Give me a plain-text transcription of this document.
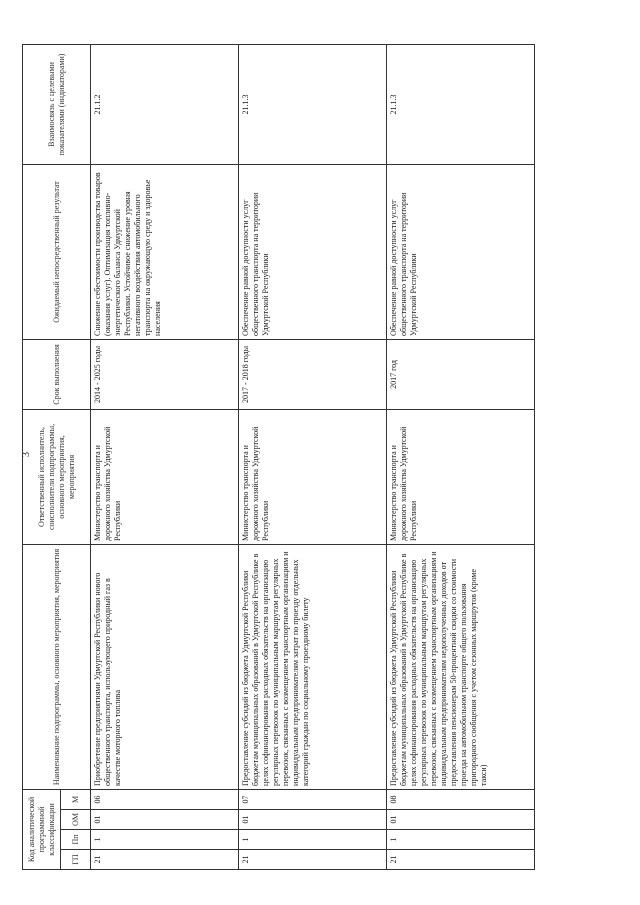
3
Код аналитической программной классификации				Наименование подпрограммы, основного мероприятия, мероприятия	Ответственный исполнитель, соисполнители подпрограммы, основного мероприятия, мероприятия	Срок выполнения	Ожидаемый непосредственный результат	Взаимосвязь с целевыми показателями (индикаторами)
ГП	Пп	ОМ	М					
21	1	01	06	Приобретение предприятиями Удмуртской Республики нового общественного транспорта, использующего природный газ в качестве моторного топлива	Министерство транспорта и дорожного хозяйства Удмуртской Республики	2014 - 2025 годы	Снижение себестоимости производства товаров (оказания услуг). Оптимизация топливно-энергетического баланса Удмуртской Республики. Устойчивое снижение уровня негативного воздействия автомобильного транспорта на окружающую среду и здоровье населения	21.1.2
21	1	01	07	Предоставление субсидий из бюджета Удмуртской Республики бюджетам муниципальных образований в Удмуртской Республике в целях софинансирования расходных обязательств на организацию регулярных перевозок по муниципальным маршрутам регулярных перевозок, связанных с возмещением транспортным организациям и индивидуальным предпринимателям затрат по проезду отдельных категорий граждан по социальному проездному билету	Министерство транспорта и дорожного хозяйства Удмуртской Республики	2017 - 2018 годы	Обеспечение равной доступности услуг общественного транспорта на территории Удмуртской Республики	21.1.3
21	1	01	08	Предоставление субсидий из бюджета Удмуртской Республики бюджетам муниципальных образований в Удмуртской Республике в целях софинансирования расходных обязательств на организацию регулярных перевозок по муниципальным маршрутам регулярных перевозок, связанных с возмещением транспортным организациям и индивидуальным предпринимателям недополученных доходов от предоставления пенсионерам 50-процентной скидки со стоимости проезда на автомобильном транспорте общего пользования пригородного сообщения с учетом сезонных маршрутов (кроме такси)	Министерство транспорта и дорожного хозяйства Удмуртской Республики	2017 год	Обеспечение равной доступности услуг общественного транспорта на территории Удмуртской Республики	21.1.3
